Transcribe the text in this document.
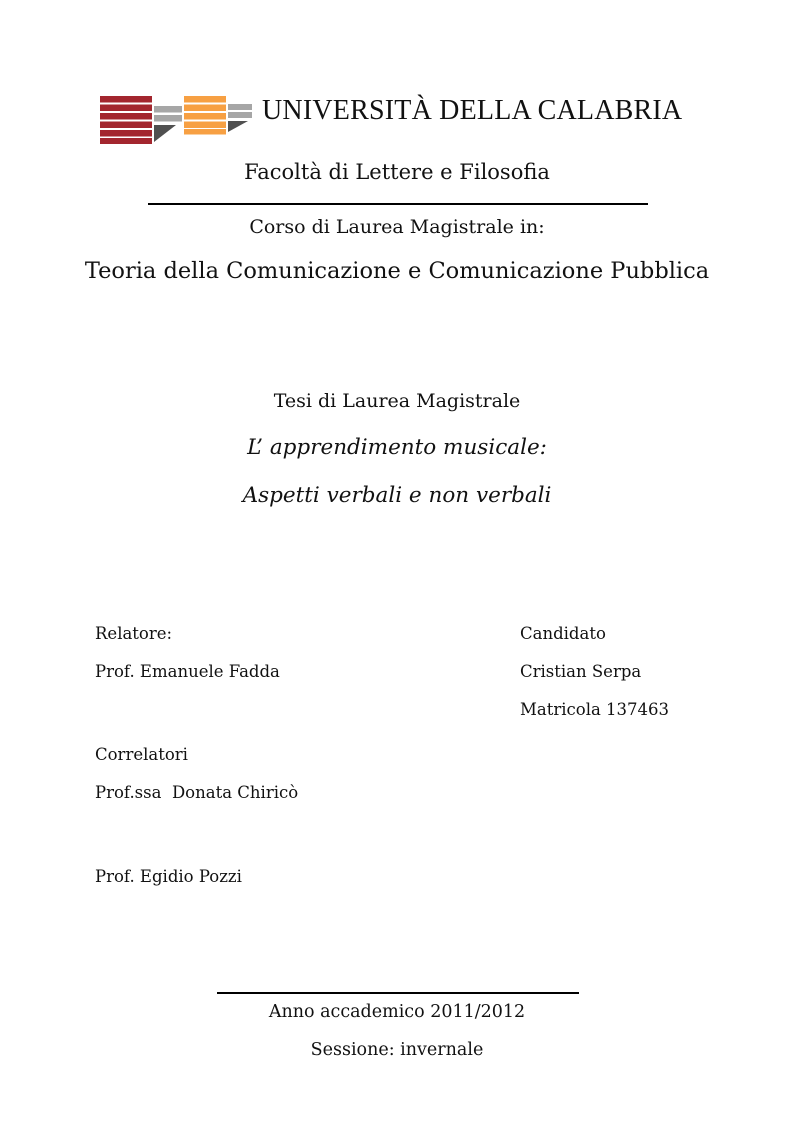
UNIVERSITÀ DELLA CALABRIA
Facoltà di Lettere e Filosofia
Corso di Laurea Magistrale in:
Teoria della Comunicazione e Comunicazione Pubblica
Tesi di Laurea Magistrale
L’ apprendimento musicale:
Aspetti verbali e non verbali
Relatore:
Prof. Emanuele Fadda
Correlatori
Prof.ssa  Donata Chiricò
Prof. Egidio Pozzi
Candidato
Cristian Serpa
Matricola 137463
Anno accademico 2011/2012
Sessione: invernale
